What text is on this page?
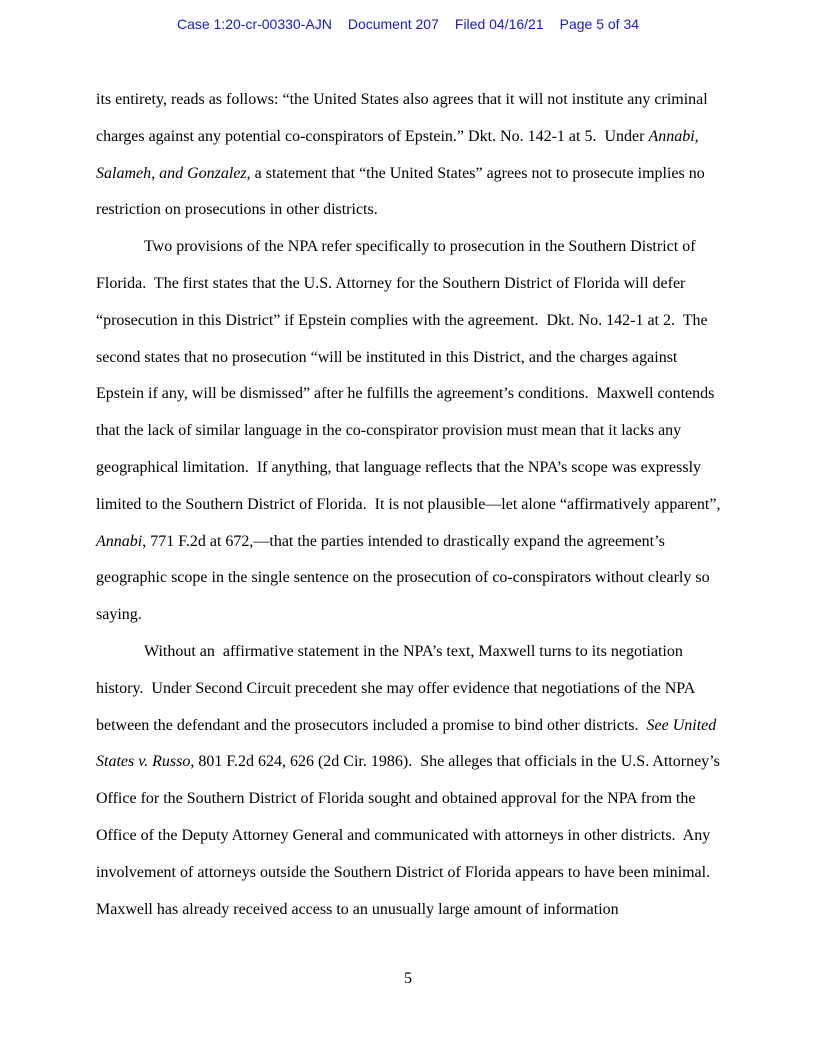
Case 1:20-cr-00330-AJN Document 207 Filed 04/16/21 Page 5 of 34

its entirety, reads as follows: “the United States also agrees that it will not institute any criminal charges against any potential co-conspirators of Epstein.” Dkt. No. 142-1 at 5.  Under Annabi, Salameh, and Gonzalez, a statement that “the United States” agrees not to prosecute implies no restriction on prosecutions in other districts.

Two provisions of the NPA refer specifically to prosecution in the Southern District of Florida.  The first states that the U.S. Attorney for the Southern District of Florida will defer “prosecution in this District” if Epstein complies with the agreement.  Dkt. No. 142-1 at 2.  The second states that no prosecution “will be instituted in this District, and the charges against Epstein if any, will be dismissed” after he fulfills the agreement’s conditions.  Maxwell contends that the lack of similar language in the co-conspirator provision must mean that it lacks any geographical limitation.  If anything, that language reflects that the NPA’s scope was expressly limited to the Southern District of Florida.  It is not plausible—let alone “affirmatively apparent”, Annabi, 771 F.2d at 672,—that the parties intended to drastically expand the agreement’s geographic scope in the single sentence on the prosecution of co-conspirators without clearly so saying.

Without an  affirmative statement in the NPA’s text, Maxwell turns to its negotiation history.  Under Second Circuit precedent she may offer evidence that negotiations of the NPA between the defendant and the prosecutors included a promise to bind other districts.  See United States v. Russo, 801 F.2d 624, 626 (2d Cir. 1986).  She alleges that officials in the U.S. Attorney’s Office for the Southern District of Florida sought and obtained approval for the NPA from the Office of the Deputy Attorney General and communicated with attorneys in other districts.  Any involvement of attorneys outside the Southern District of Florida appears to have been minimal.  Maxwell has already received access to an unusually large amount of information

5
